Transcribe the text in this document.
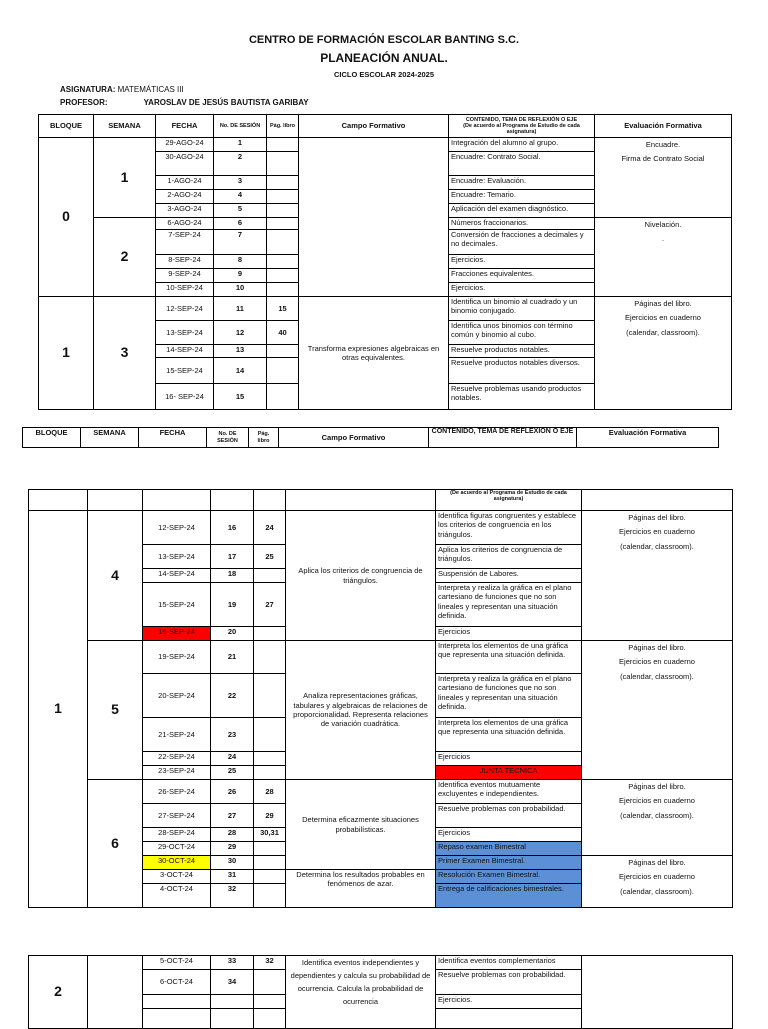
CENTRO DE FORMACIÓN ESCOLAR BANTING S.C.
PLANEACIÓN ANUAL.
CICLO ESCOLAR 2024-2025
ASIGNATURA: MATEMÁTICAS III
PROFESOR:	YAROSLAV DE JESÚS BAUTISTA GARIBAY
BLOQUE	SEMANA	FECHA	No. DE SESIÓN	Pág. libro	Campo Formativo	CONTENIDO, TEMA DE REFLEXIÓN O EJE
(De acuerdo al Programa de Estudio de cada asignatura)	Evaluación Formativa
0	1	29-AGO-24	1			Integración del alumno al grupo.	Encuadre.
Firma de Contrato Social

		30-AGO-24	2			Encuadre: Contrato Social.	
		1-AGO-24	3			Encuadre: Evaluación.	
		2-AGO-24	4			Encuadre: Temario.	
		3-AGO-24	5			Aplicación del examen diagnóstico.	
	2	6-AGO-24	6			Números fraccionarios.	Nivelación.
.

		7-SEP-24	7			Conversión de fracciones a decimales y no decimales.	
		8-SEP-24	8			Ejercicios.	
		9-SEP-24	9			Fracciones equivalentes.	
		10-SEP-24	10			Ejercicios.	
1	3	12-SEP-24	11	15	Transforma expresiones algebraicas en otras equivalentes.	Identifica un binomio al cuadrado y un binomio conjugado.	Páginas del libro.
Ejercicios en cuaderno
(calendar, classroom).

		13-SEP-24	12	40		Identifica unos binomios con término común y binomio al cubo.	
		14-SEP-24	13			Resuelve productos notables.	
		15-SEP-24	14			Resuelve productos notables diversos.	
		16- SEP-24	15			Resuelve problemas usando productos notables.	
BLOQUE	SEMANA	FECHA	No. DE SESIÓN	Pág. libro	Campo Formativo	CONTENIDO, TEMA DE REFLEXIÓN O EJE	Evaluación Formativa
						(De acuerdo al Programa de Estudio de cada asignatura)	
1	4	12-SEP-24	16	24	Aplica los criterios de congruencia de triángulos.	Identifica figuras congruentes y establece los criterios de congruencia en los triángulos.	Páginas del libro.
Ejercicios en cuaderno
(calendar, classroom).

		13-SEP-24	17	25		Aplica los criterios de congruencia de triángulos.	
		14-SEP-24	18			Suspensión de Labores.	
		15-SEP-24	19	27		Interpreta y realiza la gráfica en el plano cartesiano de funciones que no son lineales y representan una situación definida.	
		16-SEP-24	20			Ejercicios	
	5	19-SEP-24	21		Analiza representaciones gráficas, tabulares y algebraicas de relaciones de proporcionalidad. Representa relaciones de variación cuadrática.	Interpreta los elementos de una gráfica que representa una situación definida.	Páginas del libro.
Ejercicios en cuaderno
(calendar, classroom).

		20-SEP-24	22			Interpreta y realiza la gráfica en el plano cartesiano de funciones que no son lineales y representan una situación definida.	
		21-SEP-24	23			Interpreta los elementos de una gráfica que representa una situación definida.	
		22-SEP-24	24			Ejercicios	
		23-SEP-24	25			JUNTA TÉCNICA	
	6	26-SEP-24	26	28	Determina eficazmente situaciones probabilísticas.	Identifica eventos mutuamente excluyentes e independientes.	Páginas del libro.
Ejercicios en cuaderno
(calendar, classroom).

		27-SEP-24	27	29		Resuelve problemas con probabilidad.	
		28-SEP-24	28	30,31		Ejercicios	
		29-OCT-24	29			Repaso examen Bimestral	
		30-OCT-24	30			Primer Examen Bimestral.	Páginas del libro.
Ejercicios en cuaderno
(calendar, classroom).

		3-OCT-24	31		Determina los resultados probables en fenómenos de azar.	Resolución Examen Bimestral.	
		4-OCT-24	32			Entrega de calificaciones bimestrales.	
2		5-OCT-24	33	32	Identifica eventos independientes y dependientes y calcula su probabilidad de ocurrencia. Calcula la probabilidad de ocurrencia	Identifica eventos complementarios	
		6-OCT-24	34			Resuelve problemas con probabilidad.	
						Ejercicios.	
